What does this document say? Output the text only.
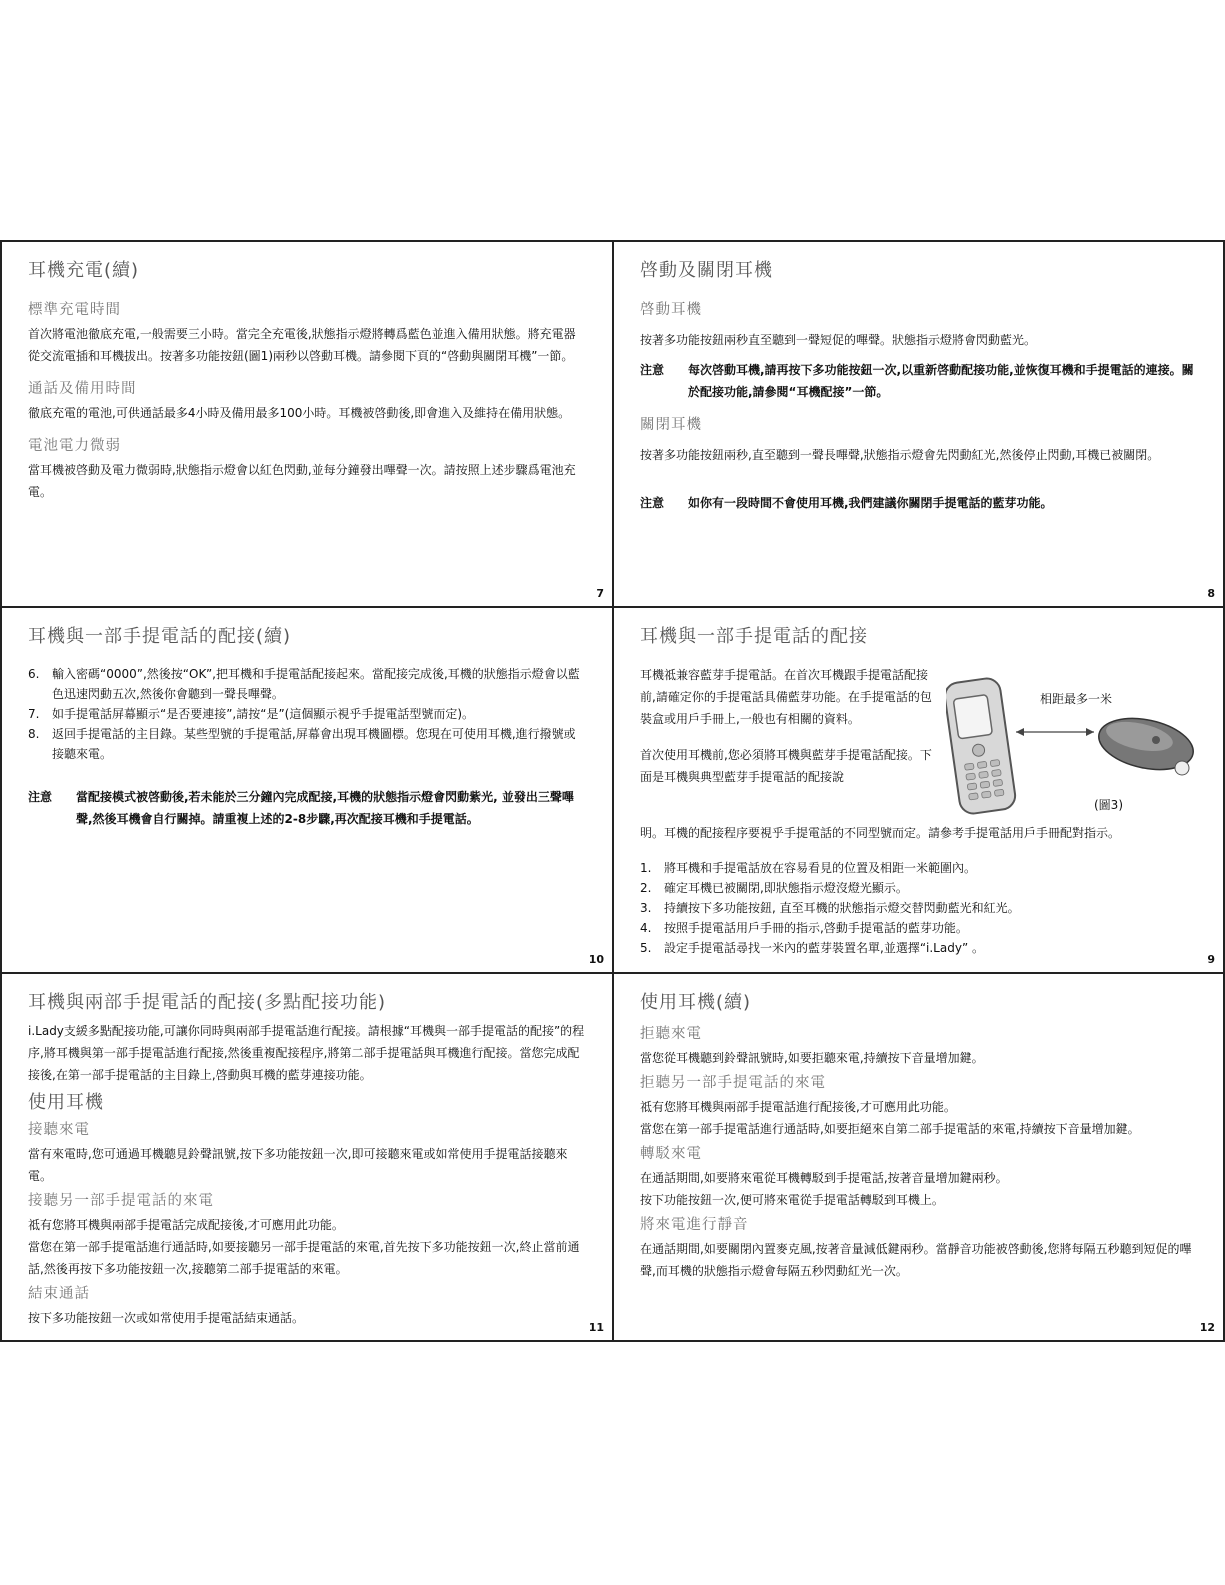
耳機充電(續)
標準充電時間

首次將電池徹底充電,一般需要三小時。當完全充電後,狀態指示燈將轉爲藍色並進入備用狀態。將充電器從交流電插和耳機拔出。按著多功能按鈕(圖1)兩秒以啓動耳機。請參閱下頁的“啓動與關閉耳機”一節。

通話及備用時間

徹底充電的電池,可供通話最多4小時及備用最多100小時。耳機被啓動後,即會進入及維持在備用狀態。

電池電力微弱

當耳機被啓動及電力微弱時,狀態指示燈會以紅色閃動,並每分鐘發出嗶聲一次。請按照上述步驟爲電池充電。

7
啓動及關閉耳機
啓動耳機

按著多功能按鈕兩秒直至聽到一聲短促的嗶聲。狀態指示燈將會閃動藍光。

注意	每次啓動耳機,請再按下多功能按鈕一次,以重新啓動配接功能,並恢復耳機和手提電話的連接。關於配接功能,請參閱“耳機配接”一節。
關閉耳機

按著多功能按鈕兩秒,直至聽到一聲長嗶聲,狀態指示燈會先閃動紅光,然後停止閃動,耳機已被關閉。

注意	如你有一段時間不會使用耳機,我們建議你關閉手提電話的藍芽功能。
8
耳機與一部手提電話的配接(續)
6.	輸入密碼“0000”,然後按“OK”,把耳機和手提電話配接起來。當配接完成後,耳機的狀態指示燈會以藍色迅速閃動五次,然後你會聽到一聲長嗶聲。
7.	如手提電話屏幕顯示“是否要連接”,請按“是”(這個顯示視乎手提電話型號而定)。
8.	返回手提電話的主目錄。某些型號的手提電話,屏幕會出現耳機圖標。您現在可使用耳機,進行撥號或接聽來電。
注意	當配接模式被啓動後,若未能於三分鐘內完成配接,耳機的狀態指示燈會閃動紫光, 並發出三聲嗶聲,然後耳機會自行關掉。請重複上述的2-8步驟,再次配接耳機和手提電話。
10
耳機與一部手提電話的配接

耳機祗兼容藍芽手提電話。在首次耳機跟手提電話配接前,請確定你的手提電話具備藍芽功能。在手提電話的包裝盒或用戶手冊上,一般也有相關的資料。

首次使用耳機前,您必須將耳機與藍芽手提電話配接。下面是耳機與典型藍芽手提電話的配接說

相距最多一米
(圖3)

明。耳機的配接程序要視乎手提電話的不同型號而定。請參考手提電話用戶手冊配對指示。

1.	將耳機和手提電話放在容易看見的位置及相距一米範圍內。
2.	確定耳機已被關閉,即狀態指示燈沒燈光顯示。
3.	持續按下多功能按鈕, 直至耳機的狀態指示燈交替閃動藍光和紅光。
4.	按照手提電話用戶手冊的指示,啓動手提電話的藍芽功能。
5.	設定手提電話尋找一米內的藍芽裝置名單,並選擇“i.Lady” 。
9
耳機與兩部手提電話的配接(多點配接功能)

i.Lady支緩多點配接功能,可讓你同時與兩部手提電話進行配接。請根據“耳機與一部手提電話的配接”的程序,將耳機與第一部手提電話進行配接,然後重複配接程序,將第二部手提電話與耳機進行配接。當您完成配接後,在第一部手提電話的主目錄上,啓動與耳機的藍芽連接功能。

使用耳機
接聽來電

當有來電時,您可通過耳機聽見鈴聲訊號,按下多功能按鈕一次,即可接聽來電或如常使用手提電話接聽來電。

接聽另一部手提電話的來電

祗有您將耳機與兩部手提電話完成配接後,才可應用此功能。

當您在第一部手提電話進行通話時,如要接聽另一部手提電話的來電,首先按下多功能按鈕一次,終止當前通話,然後再按下多功能按鈕一次,接聽第二部手提電話的來電。

結束通話

按下多功能按鈕一次或如常使用手提電話結束通話。

11
使用耳機(續)
拒聽來電

當您從耳機聽到鈴聲訊號時,如要拒聽來電,持續按下音量增加鍵。

拒聽另一部手提電話的來電

祗有您將耳機與兩部手提電話進行配接後,才可應用此功能。

當您在第一部手提電話進行通話時,如要拒絕來自第二部手提電話的來電,持續按下音量增加鍵。

轉駁來電

在通話期間,如要將來電從耳機轉駁到手提電話,按著音量增加鍵兩秒。

按下功能按鈕一次,便可將來電從手提電話轉駁到耳機上。

將來電進行靜音

在通話期間,如要關閉內置麥克風,按著音量減低鍵兩秒。當靜音功能被啓動後,您將每隔五秒聽到短促的嗶聲,而耳機的狀態指示燈會每隔五秒閃動紅光一次。

12
